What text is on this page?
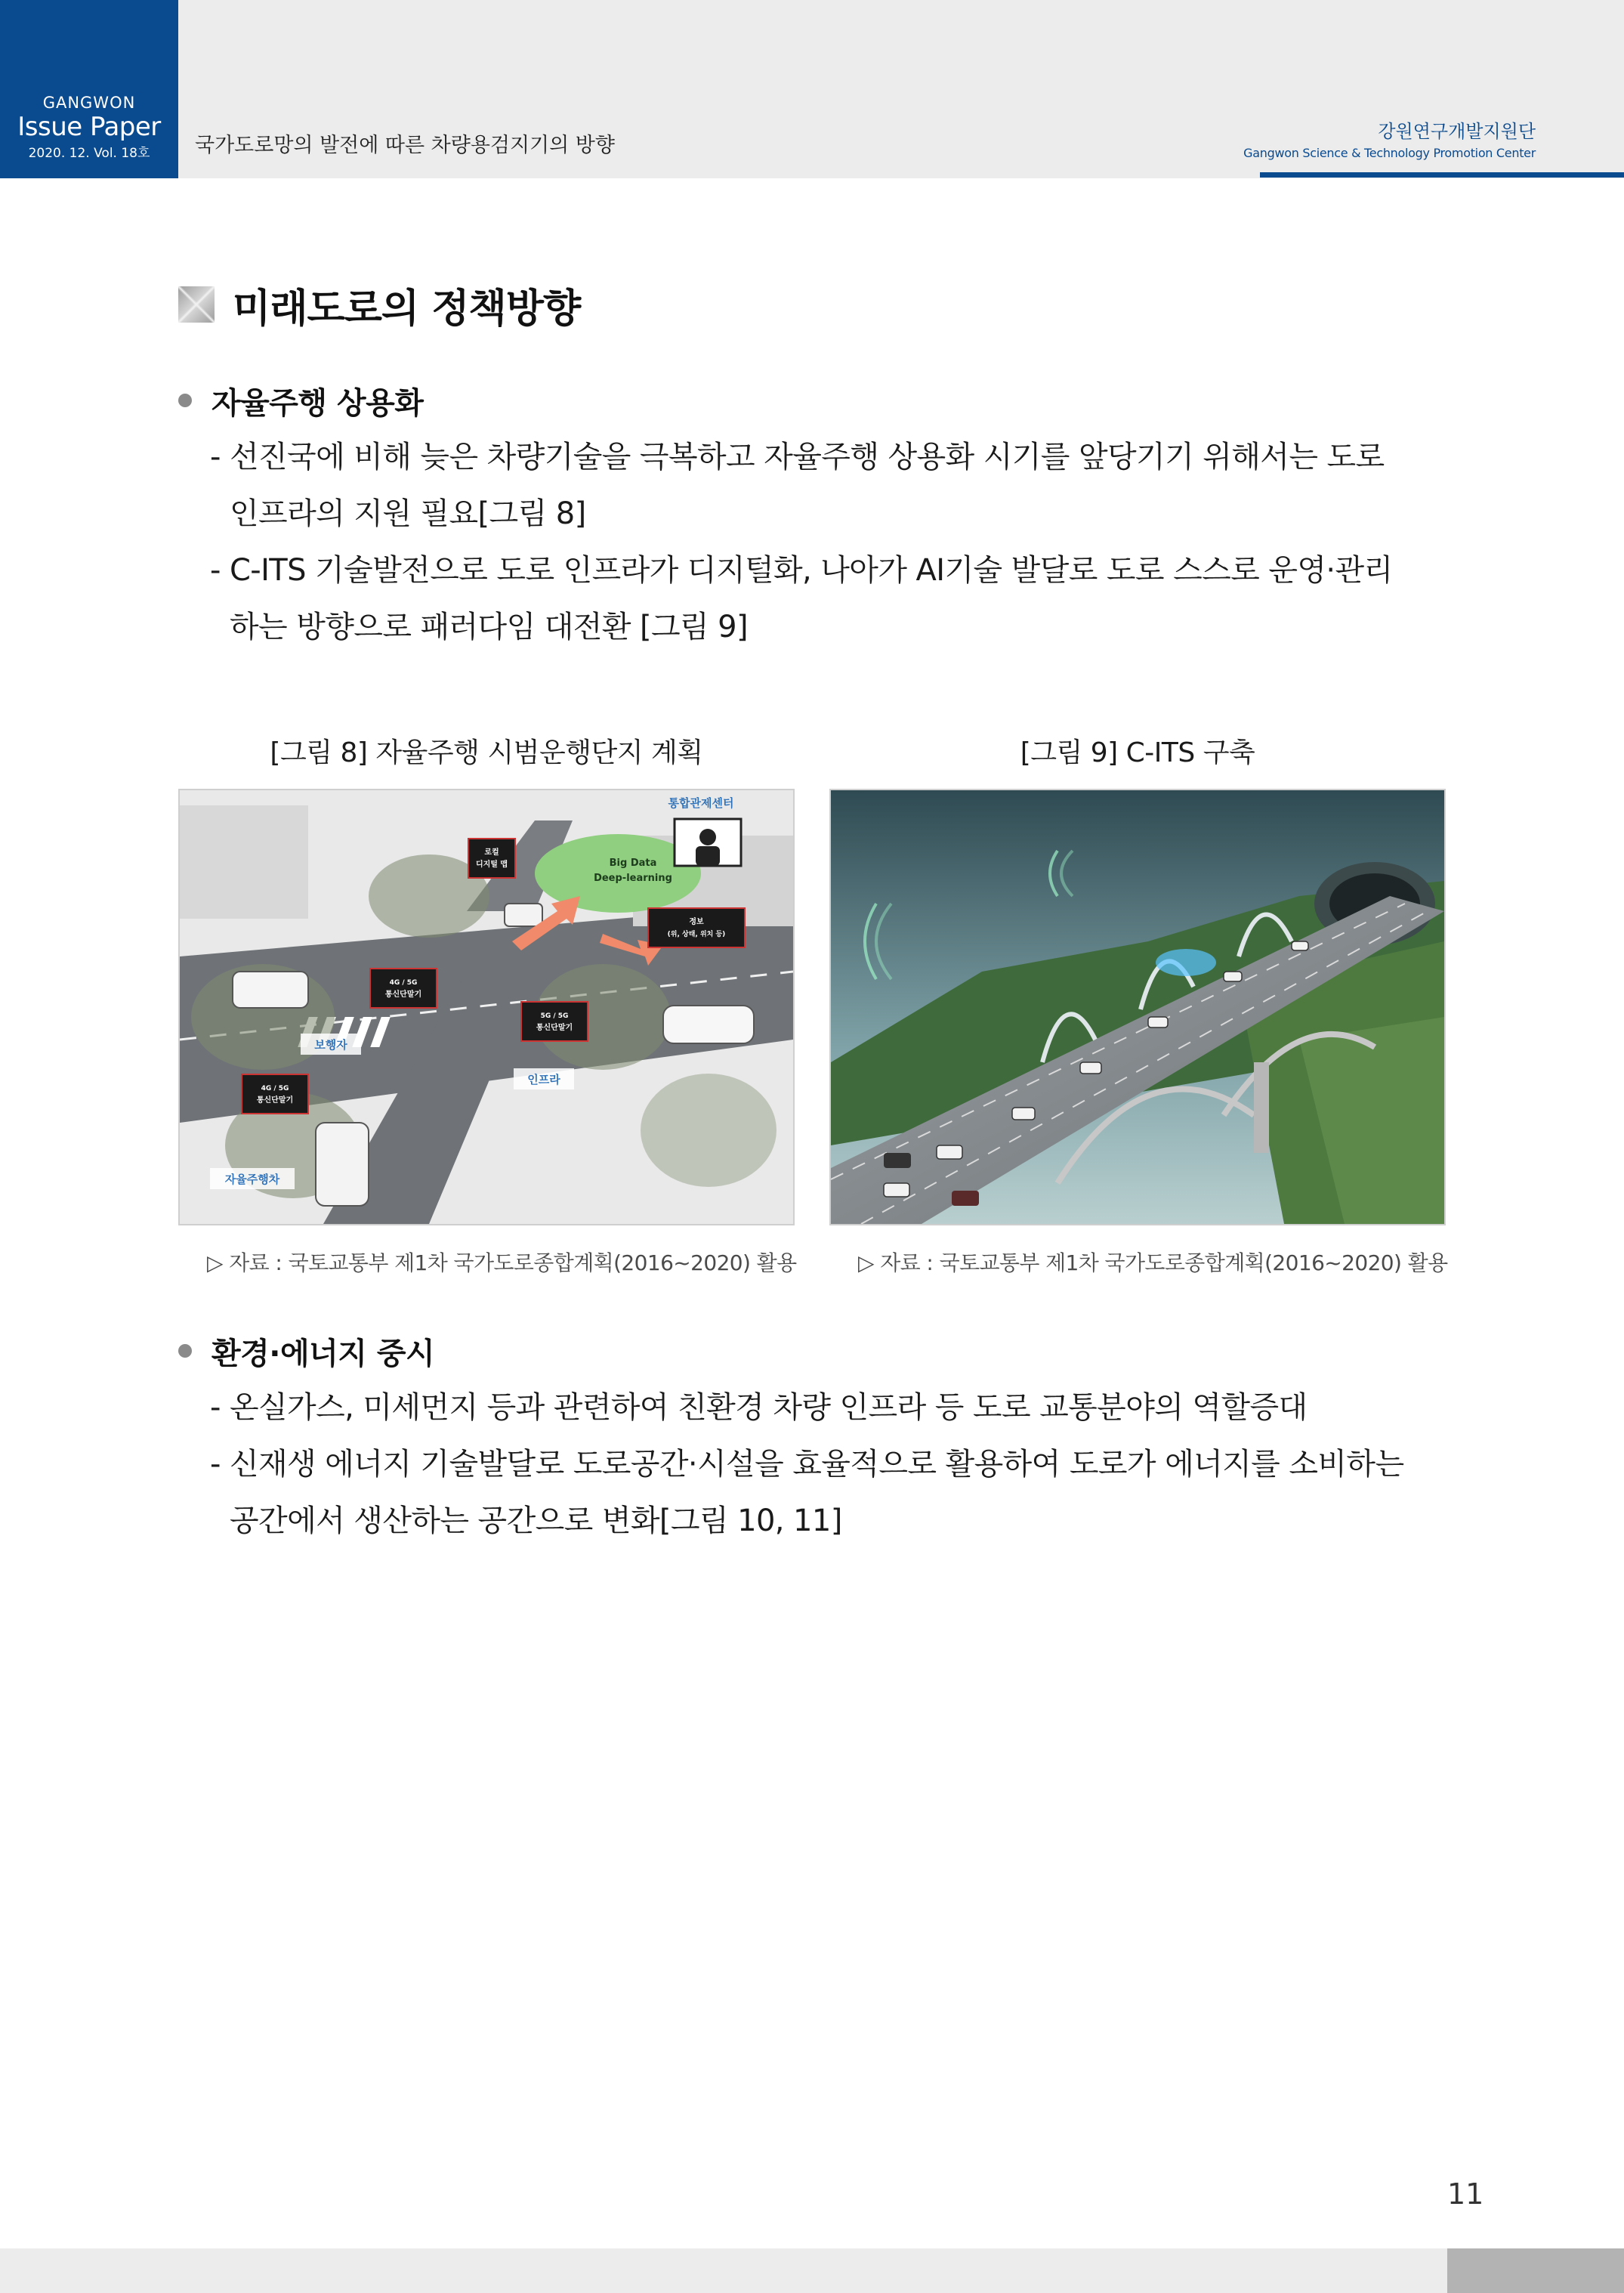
GANGWON
Issue Paper
2020. 12. Vol. 18호	국가도로망의 발전에 따른 차량용검지기의 방향
강원연구개발지원단
Gangwon Science & Technology Promotion Center
미래도로의 정책방향
자율주행 상용화
- 선진국에 비해 늦은 차량기술을 극복하고 자율주행 상용화 시기를 앞당기기 위해서는 도로
인프라의 지원 필요[그림 8]
- C-ITS 기술발전으로 도로 인프라가 디지털화, 나아가 AI기술 발달로 도로 스스로 운영·관리
하는 방향으로 패러다임 대전환 [그림 9]
[그림 8] 자율주행 시범운행단지 계획
Big Data
Deep-learning
통합관제센터
로컬
디지털 맵
정보
(위, 상태, 위치 등)
4G / 5G
통신단말기
5G / 5G
통신단말기
4G / 5G
통신단말기
보행자
인프라
자율주행차
▷ 자료 : 국토교통부 제1차 국가도로종합계획(2016~2020) 활용
[그림 9] C-ITS 구축
▷ 자료 : 국토교통부 제1차 국가도로종합계획(2016~2020) 활용
환경·에너지 중시
- 온실가스, 미세먼지 등과 관련하여 친환경 차량 인프라 등 도로 교통분야의 역할증대
- 신재생 에너지 기술발달로 도로공간·시설을 효율적으로 활용하여 도로가 에너지를 소비하는
공간에서 생산하는 공간으로 변화[그림 10, 11]
11
